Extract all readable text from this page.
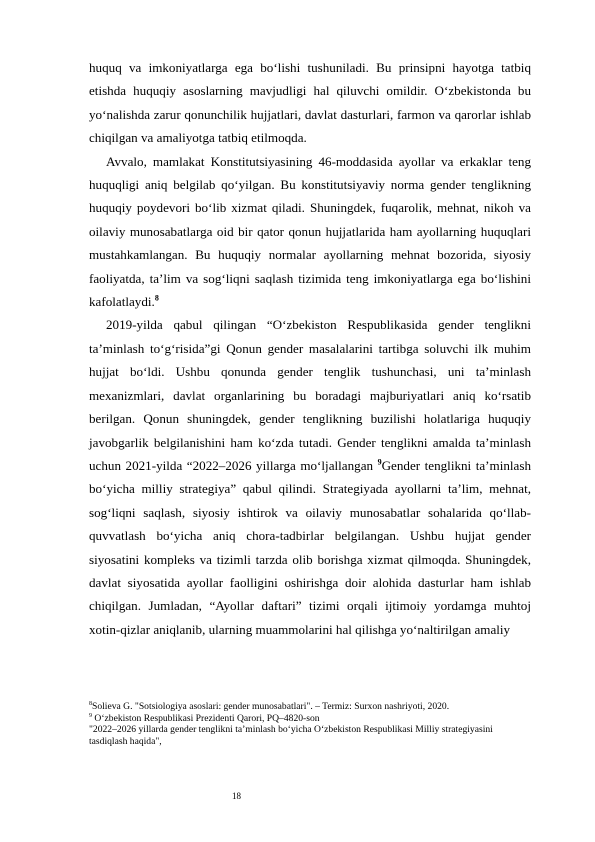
huquq va imkoniyatlarga ega bo‘lishi tushuniladi. Bu prinsipni hayotga tatbiq etishda huquqiy asoslarning mavjudligi hal qiluvchi omildir. O‘zbekistonda bu yo‘nalishda zarur qonunchilik hujjatlari, davlat dasturlari, farmon va qarorlar ishlab chiqilgan va amaliyotga tatbiq etilmoqda.

Avvalo, mamlakat Konstitutsiyasining 46-moddasida ayollar va erkaklar teng huquqligi aniq belgilab qo‘yilgan. Bu konstitutsiyaviy norma gender tenglikning huquqiy poydevori bo‘lib xizmat qiladi. Shuningdek, fuqarolik, mehnat, nikoh va oilaviy munosabatlarga oid bir qator qonun hujjatlarida ham ayollarning huquqlari mustahkamlangan. Bu huquqiy normalar ayollarning mehnat bozorida, siyosiy faoliyatda, ta’lim va sog‘liqni saqlash tizimida teng imkoniyatlarga ega bo‘lishini kafolatlaydi.$^8$

2019-yilda qabul qilingan “O‘zbekiston Respublikasida gender tenglikni ta’minlash to‘g‘risida”gi Qonun gender masalalarini tartibga soluvchi ilk muhim hujjat bo‘ldi. Ushbu qonunda gender tenglik tushunchasi, uni ta’minlash mexanizmlari, davlat organlarining bu boradagi majburiyatlari aniq ko‘rsatib berilgan. Qonun shuningdek, gender tenglikning buzilishi holatlariga huquqiy javobgarlik belgilanishini ham ko‘zda tutadi. Gender tenglikni amalda ta’minlash uchun 2021-yilda “2022–2026 yillarga mo‘ljallangan $^9$Gender tenglikni ta’minlash bo‘yicha milliy strategiya” qabul qilindi. Strategiyada ayollarni ta’lim, mehnat, sog‘liqni saqlash, siyosiy ishtirok va oilaviy munosabatlar sohalarida qo‘llab-quvvatlash bo‘yicha aniq chora-tadbirlar belgilangan. Ushbu hujjat gender siyosatini kompleks va tizimli tarzda olib borishga xizmat qilmoqda. Shuningdek, davlat siyosatida ayollar faolligini oshirishga doir alohida dasturlar ham ishlab chiqilgan. Jumladan, “Ayollar daftari” tizimi orqali ijtimoiy yordamga muhtoj xotin-qizlar aniqlanib, ularning muammolarini hal qilishga yo‘naltirilgan amaliy

$^8$Solieva G. "Sotsiologiya asoslari: gender munosabatlari". – Termiz: Surxon nashriyoti, 2020.

$^9$ O‘zbekiston Respublikasi Prezidenti Qarori, PQ–4820-son

"2022–2026 yillarda gender tenglikni ta’minlash bo‘yicha O‘zbekiston Respublikasi Milliy strategiyasini tasdiqlash haqida",

18
